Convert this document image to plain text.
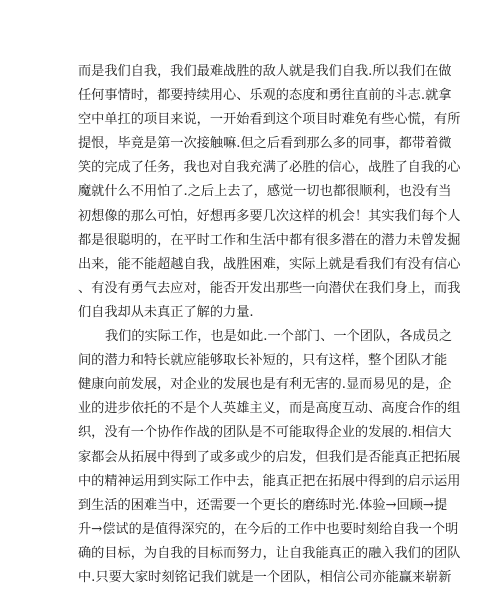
而是我们自我，我们最难战胜的敌人就是我们自我.所以我们在做
任何事情时，都要持续用心、乐观的态度和勇往直前的斗志.就拿
空中单扛的项目来说，一开始看到这个项目时难免有些心慌，有所
提恨，毕竟是第一次接触嘛.但之后看到那么多的同事，都带着微
笑的完成了任务，我也对自我充满了必胜的信心，战胜了自我的心
魔就什么不用怕了.之后上去了，感觉一切也都很顺利，也没有当
初想像的那么可怕，好想再多要几次这样的机会！其实我们每个人
都是很聪明的，在平时工作和生活中都有很多潜在的潜力未曾发掘
出来，能不能超越自我，战胜困难，实际上就是看我们有没有信心
、有没有勇气去应对，能否开发出那些一向潜伏在我们身上，而我
们自我却从未真正了解的力量.
我们的实际工作，也是如此.一个部门、一个团队，各成员之
间的潜力和特长就应能够取长补短的，只有这样，整个团队才能
健康向前发展，对企业的发展也是有利无害的.显而易见的是，企
业的进步依托的不是个人英雄主义，而是高度互动、高度合作的组
织，没有一个协作作战的团队是不可能取得企业的发展的.相信大
家都会从拓展中得到了或多或少的启发，但我们是否能真正把拓展
中的精神运用到实际工作中去，能真正把在拓展中得到的启示运用
到生活的困难当中，还需要一个更长的磨练时光.体验→回顾→提
升→偿试的是值得深究的，在今后的工作中也要时刻给自我一个明
确的目标，为自我的目标而努力，让自我能真正的融入我们的团队
中.只要大家时刻铭记我们就是一个团队，相信公司亦能赢来崭新
